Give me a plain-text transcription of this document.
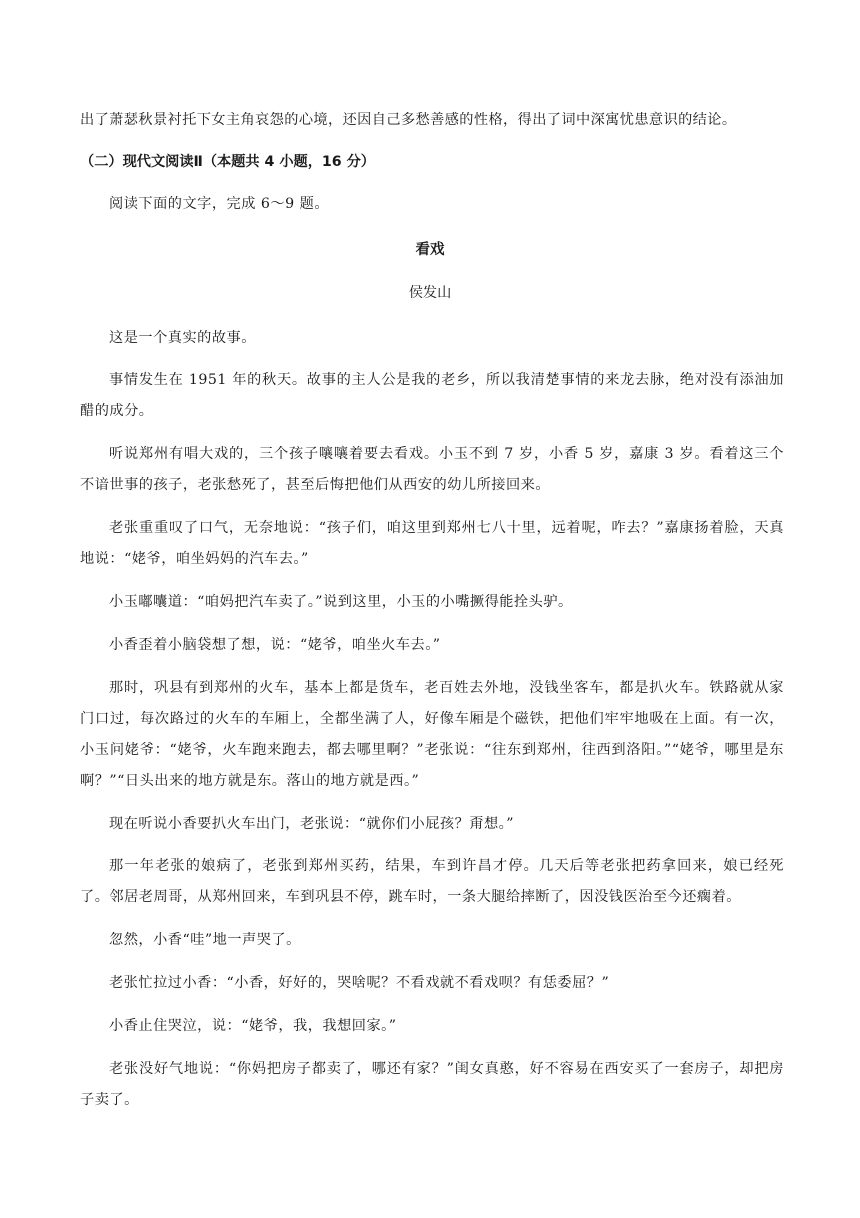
出了萧瑟秋景衬托下女主角哀怨的心境，还因自己多愁善感的性格，得出了词中深寓忧患意识的结论。
（二）现代文阅读Ⅱ（本题共 4 小题，16 分）
阅读下面的文字，完成 6～9 题。
看戏
侯发山
这是一个真实的故事。
事情发生在 1951 年的秋天。故事的主人公是我的老乡，所以我清楚事情的来龙去脉，绝对没有添油加醋的成分。
听说郑州有唱大戏的，三个孩子嚷嚷着要去看戏。小玉不到 7 岁，小香 5 岁，嘉康 3 岁。看着这三个不谙世事的孩子，老张愁死了，甚至后悔把他们从西安的幼儿所接回来。
老张重重叹了口气，无奈地说：“孩子们，咱这里到郑州七八十里，远着呢，咋去？”嘉康扬着脸，天真地说：“姥爷，咱坐妈妈的汽车去。”
小玉嘟囔道：“咱妈把汽车卖了。”说到这里，小玉的小嘴撅得能拴头驴。
小香歪着小脑袋想了想，说：“姥爷，咱坐火车去。”
那时，巩县有到郑州的火车，基本上都是货车，老百姓去外地，没钱坐客车，都是扒火车。铁路就从家门口过，每次路过的火车的车厢上，全都坐满了人，好像车厢是个磁铁，把他们牢牢地吸在上面。有一次，小玉问姥爷：“姥爷，火车跑来跑去，都去哪里啊？”老张说：“往东到郑州，往西到洛阳。”“姥爷，哪里是东啊？”“日头出来的地方就是东。落山的地方就是西。”
现在听说小香要扒火车出门，老张说：“就你们小屁孩？甭想。”
那一年老张的娘病了，老张到郑州买药，结果，车到许昌才停。几天后等老张把药拿回来，娘已经死了。邻居老周哥，从郑州回来，车到巩县不停，跳车时，一条大腿给摔断了，因没钱医治至今还瘸着。
忽然，小香“哇”地一声哭了。
老张忙拉过小香：“小香，好好的，哭啥呢？不看戏就不看戏呗？有恁委屈？”
小香止住哭泣，说：“姥爷，我，我想回家。”
老张没好气地说：“你妈把房子都卖了，哪还有家？”闺女真憨，好不容易在西安买了一套房子，却把房子卖了。
